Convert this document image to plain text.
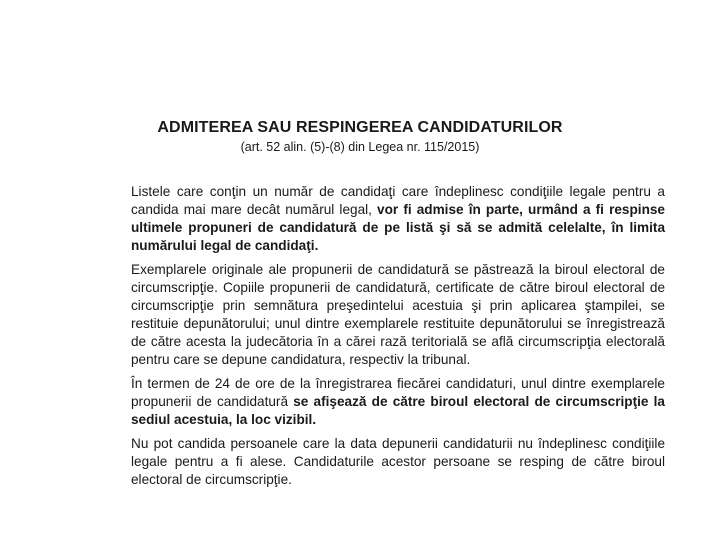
ADMITEREA SAU RESPINGEREA CANDIDATURILOR
(art. 52 alin. (5)-(8) din Legea nr. 115/2015)

Listele care conţin un număr de candidaţi care îndeplinesc condiţiile legale pentru a candida mai mare decât numărul legal, vor fi admise în parte, urmând a fi respinse ultimele propuneri de candidatură de pe listă şi să se admită celelalte, în limita numărului legal de candidaţi.

Exemplarele originale ale propunerii de candidatură se păstrează la biroul electoral de circumscripţie. Copiile propunerii de candidatură, certificate de către biroul electoral de circumscripţie prin semnătura preşedintelui acestuia şi prin aplicarea ştampilei, se restituie depunătorului; unul dintre exemplarele restituite depunătorului se înregistrează de către acesta la judecătoria în a cărei rază teritorială se află circumscripţia electorală pentru care se depune candidatura, respectiv la tribunal.

În termen de 24 de ore de la înregistrarea fiecărei candidaturi, unul dintre exemplarele propunerii de candidatură se afişează de către biroul electoral de circumscripţie la sediul acestuia, la loc vizibil.

Nu pot candida persoanele care la data depunerii candidaturii nu îndeplinesc condiţiile legale pentru a fi alese. Candidaturile acestor persoane se resping de către biroul electoral de circumscripţie.
